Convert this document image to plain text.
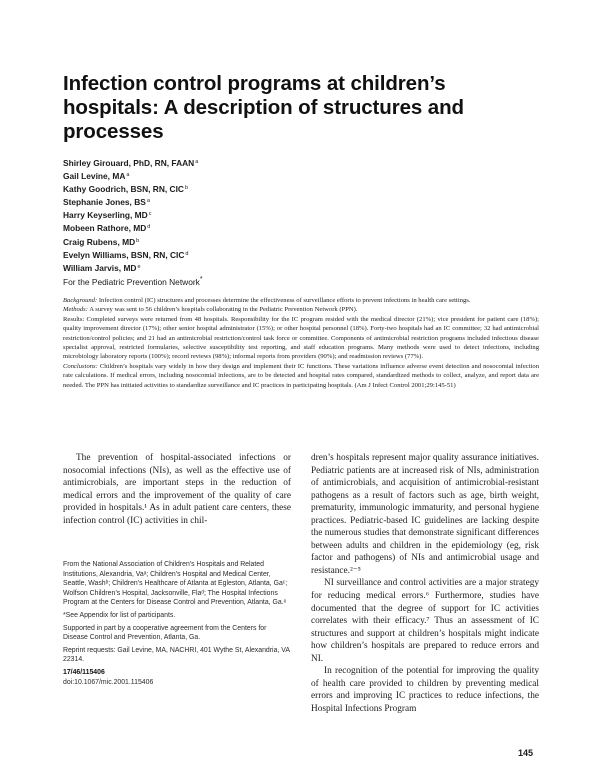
Infection control programs at children’s hospitals: A description of structures and processes
Shirley Girouard, PhD, RN, FAAN$^a$
Gail Levine, $MA^a$
Kathy Goodrich, BSN, RN, CIC$^b$
Stephanie Jones, $BS^a$
Harry Keyserling, $MD^c$
Mobeen Rathore, $MD^d$
Craig Rubens, $MD^b$
Evelyn Williams, BSN, RN, CIC$^d$
William Jarvis, MDe
For the Pediatric Prevention Network*

Background: Infection control (IC) structures and processes determine the effectiveness of surveillance efforts to prevent infections in health care settings.

Methods: A survey was sent to 56 children’s hospitals collaborating in the Pediatric Prevention Network (PPN).

Results: Completed surveys were returned from 48 hospitals. Responsibility for the IC program resided with the medical director (21%); vice president for patient care (18%); quality improvement director (17%); other senior hospital administrator (15%); or other hospital personnel (18%). Forty-two hospitals had an IC committee; 32 had antimicrobial restriction/control policies; and 21 had an antimicrobial restriction/control task force or committee. Components of antimicrobial restriction programs included infectious disease specialist approval, restricted formularies, selective susceptibility test reporting, and staff education programs. Many methods were used to detect infections, including microbiology laboratory reports (100%); record reviews (98%); informal reports from providers (90%); and readmission reviews (77%).

Conclusions: Children’s hospitals vary widely in how they design and implement their IC functions. These variations influence adverse event detection and nosocomial infection rate calculations. If medical errors, including nosocomial infections, are to be detected and hospital rates compared, standardized methods to collect, analyze, and report data are needed. The PPN has initiated activities to standardize surveillance and IC practices in participating hospitals. (Am J Infect Control 2001;29:145-51)

The prevention of hospital-associated infections or nosocomial infections (NIs), as well as the effective use of antimicrobials, are important steps in the reduction of medical errors and the improvement of the quality of care provided in hospitals.¹ As in adult patient care centers, these infection control (IC) activities in chil-

dren’s hospitals represent major quality assurance initiatives. Pediatric patients are at increased risk of NIs, administration of antimicrobials, and acquisition of antimicrobial-resistant pathogens as a result of factors such as age, birth weight, prematurity, immunologic immaturity, and personal hygiene practices. Pediatric-based IC guidelines are lacking despite the numerous studies that demonstrate significant differences between adults and children in the epidemiology (eg, risk factor and pathogens) of NIs and antimicrobial usage and resistance.²⁻⁵

NI surveillance and control activities are a major strategy for reducing medical errors.⁶ Furthermore, studies have documented that the degree of support for IC activities correlates with their efficacy.⁷ Thus an assessment of IC structures and support at children’s hospitals might indicate how children’s hospitals are prepared to reduce errors and NI.

In recognition of the potential for improving the quality of health care provided to children by preventing medical errors and improving IC practices to reduce infections, the Hospital Infections Program

From the National Association of Children’s Hospitals and Related Institutions, Alexandria, Vaᵃ; Children’s Hospital and Medical Center, Seattle, Washᵇ; Children’s Healthcare of Atlanta at Egleston, Atlanta, Gaᶜ; Wolfson Children’s Hospital, Jacksonville, Flaᵈ; The Hospital Infections Program at the Centers for Disease Control and Prevention, Atlanta, Ga.ᵉ

*See Appendix for list of participants.

Supported in part by a cooperative agreement from the Centers for Disease Control and Prevention, Atlanta, Ga.

Reprint requests: Gail Levine, MA, NACHRI, 401 Wythe St, Alexandria, VA 22314.

17/46/115406

doi:10.1067/mic.2001.115406

145
